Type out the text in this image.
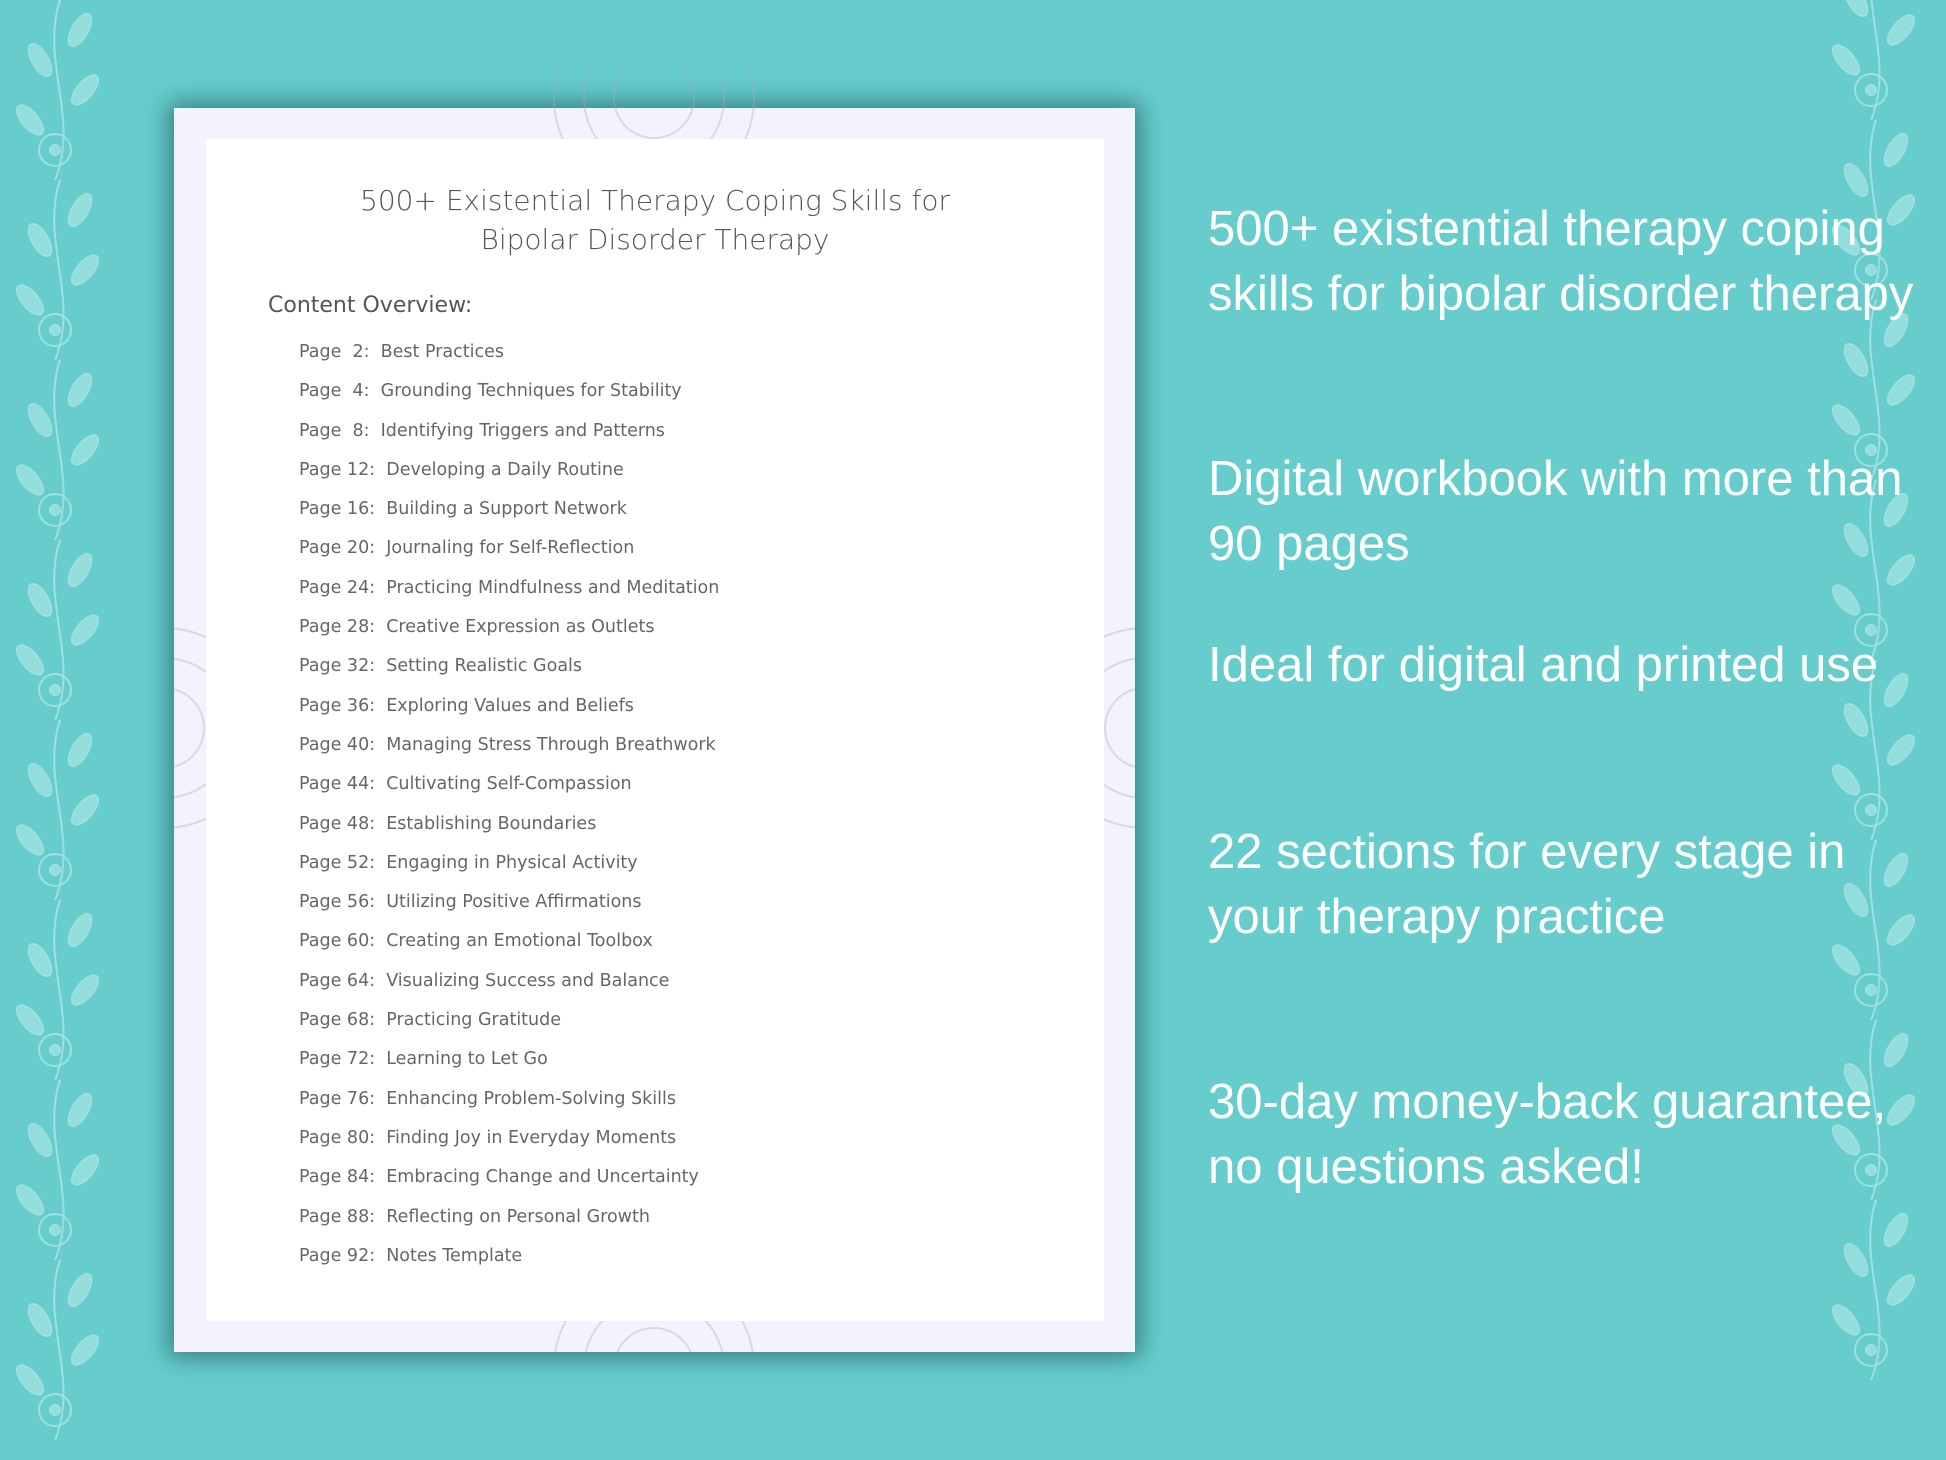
500+ Existential Therapy Coping Skills for
Bipolar Disorder Therapy
Content Overview:
Page  2:  Best Practices
Page  4:  Grounding Techniques for Stability
Page  8:  Identifying Triggers and Patterns
Page 12:  Developing a Daily Routine
Page 16:  Building a Support Network
Page 20:  Journaling for Self-Reflection
Page 24:  Practicing Mindfulness and Meditation
Page 28:  Creative Expression as Outlets
Page 32:  Setting Realistic Goals
Page 36:  Exploring Values and Beliefs
Page 40:  Managing Stress Through Breathwork
Page 44:  Cultivating Self-Compassion
Page 48:  Establishing Boundaries
Page 52:  Engaging in Physical Activity
Page 56:  Utilizing Positive Affirmations
Page 60:  Creating an Emotional Toolbox
Page 64:  Visualizing Success and Balance
Page 68:  Practicing Gratitude
Page 72:  Learning to Let Go
Page 76:  Enhancing Problem-Solving Skills
Page 80:  Finding Joy in Everyday Moments
Page 84:  Embracing Change and Uncertainty
Page 88:  Reflecting on Personal Growth
Page 92:  Notes Template

500+ existential therapy coping skills for bipolar disorder therapy

Digital workbook with more than 90 pages

Ideal for digital and printed use

22 sections for every stage in your therapy practice

30-day money-back guarantee, no questions asked!
